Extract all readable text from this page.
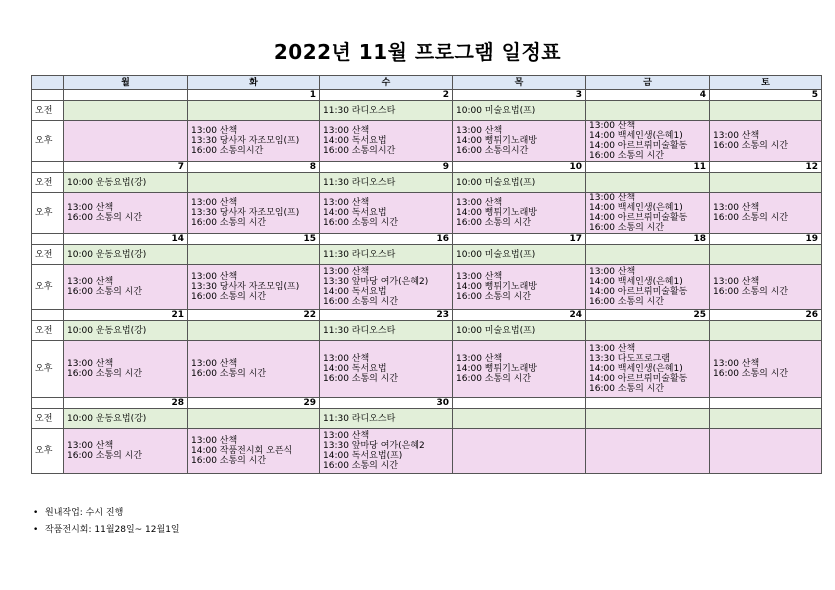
2022년 11월 프로그램 일정표
	월	화	수	목	금	토
		1	2	3	4	5
오전			11:30 라디오스타	10:00 미술요법(프)		

오후		13:00 산책
13:30 당사자 자조모임(프)
16:00 소통의시간	13:00 산책
14:00 독서요법
16:00 소통의시간	13:00 산책
14:00 뻥튀기노래방
16:00 소통의시간	13:00 산책
14:00 백세인생(은혜1)
14:00 아르브뤼미술활동
16:00 소통의 시간	13:00 산책
16:00 소통의 시간

	7	8	9	10	11	12
오전	10:00 운동요법(강)		11:30 라디오스타	10:00 미술요법(프)		

오후	13:00 산책
16:00 소통의 시간	13:00 산책
13:30 당사자 자조모임(프)
16:00 소통의 시간	13:00 산책
14:00 독서요법
16:00 소통의 시간	13:00 산책
14:00 뻥튀기노래방
16:00 소통의 시간	13:00 산책
14:00 백세인생(은혜1)
14:00 아르브뤼미술활동
16:00 소통의 시간	13:00 산책
16:00 소통의 시간

	14	15	16	17	18	19
오전	10:00 운동요법(강)		11:30 라디오스타	10:00 미술요법(프)		

오후	13:00 산책
16:00 소통의 시간	13:00 산책
13:30 당사자 자조모임(프)
16:00 소통의 시간	13:00 산책
13:30 앞마당 여가(은혜2)
14:00 독서요법
16:00 소통의 시간	13:00 산책
14:00 뻥튀기노래방
16:00 소통의 시간	13:00 산책
14:00 백세인생(은혜1)
14:00 아르브뤼미술활동
16:00 소통의 시간	13:00 산책
16:00 소통의 시간

	21	22	23	24	25	26
오전	10:00 운동요법(강)		11:30 라디오스타	10:00 미술요법(프)		

오후	13:00 산책
16:00 소통의 시간	13:00 산책
16:00 소통의 시간	13:00 산책
14:00 독서요법
16:00 소통의 시간	13:00 산책
14:00 뻥튀기노래방
16:00 소통의 시간	13:00 산책
13:30 다도프로그램
14:00 백세인생(은혜1)
14:00 아르브뤼미술활동
16:00 소통의 시간	13:00 산책
16:00 소통의 시간

	28	29	30			
오전	10:00 운동요법(강)		11:30 라디오스타			

오후	13:00 산책
16:00 소통의 시간	13:00 산책
14:00 작품전시회 오픈식
16:00 소통의 시간	13:00 산책
13:30 앞마당 여가(은혜2
14:00 독서요법(프)
16:00 소통의 시간			

• 원내작업: 수시 진행
• 작품전시회: 11월28일~ 12월1일
